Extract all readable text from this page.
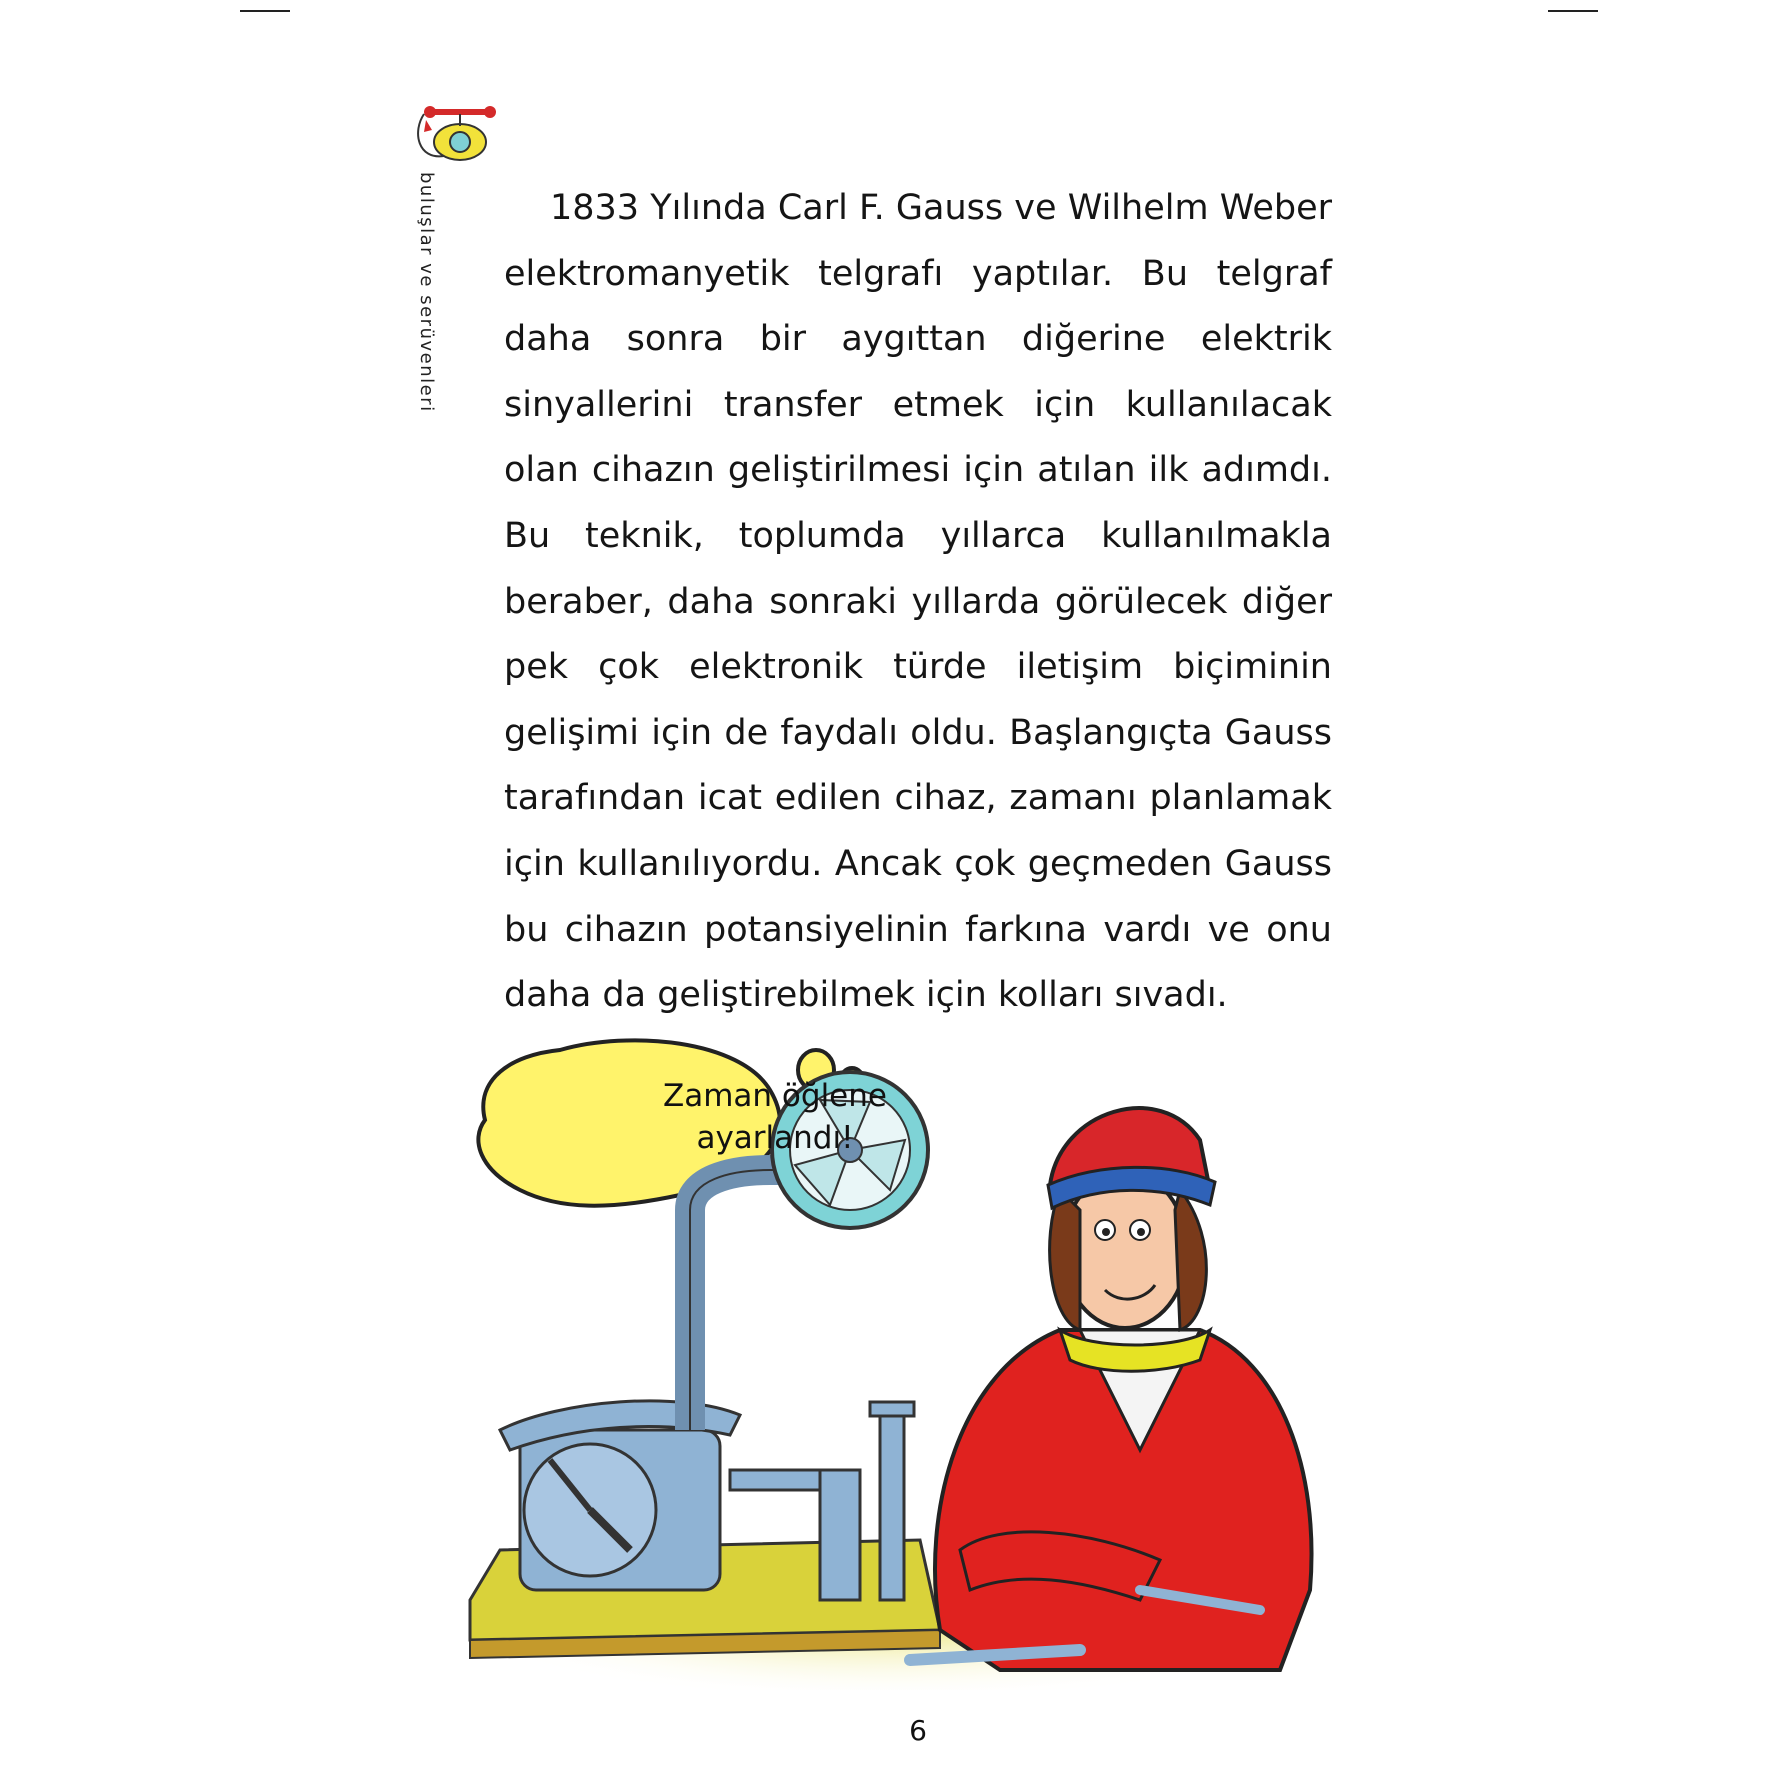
buluşlar ve serüvenleri	1833 Yılında Carl F. Gauss ve Wilhelm Weber elektromanyetik telgrafı yaptılar. Bu telgraf daha sonra bir aygıttan diğerine elektrik sinyallerini transfer etmek için kullanılacak olan cihazın geliştirilmesi için atılan ilk adımdı. Bu teknik, toplumda yıllarca kullanılmakla beraber, daha sonraki yıllarda görülecek diğer pek çok elektronik türde iletişim biçiminin gelişimi için de faydalı oldu. Başlangıçta Gauss tarafından icat edilen cihaz, zamanı planlamak için kullanılıyordu. Ancak çok geçmeden Gauss bu cihazın potansiyelinin farkına vardı ve onu daha da geliştirebilmek için kolları sıvadı.

Zaman öğlene
ayarlandı!
6
